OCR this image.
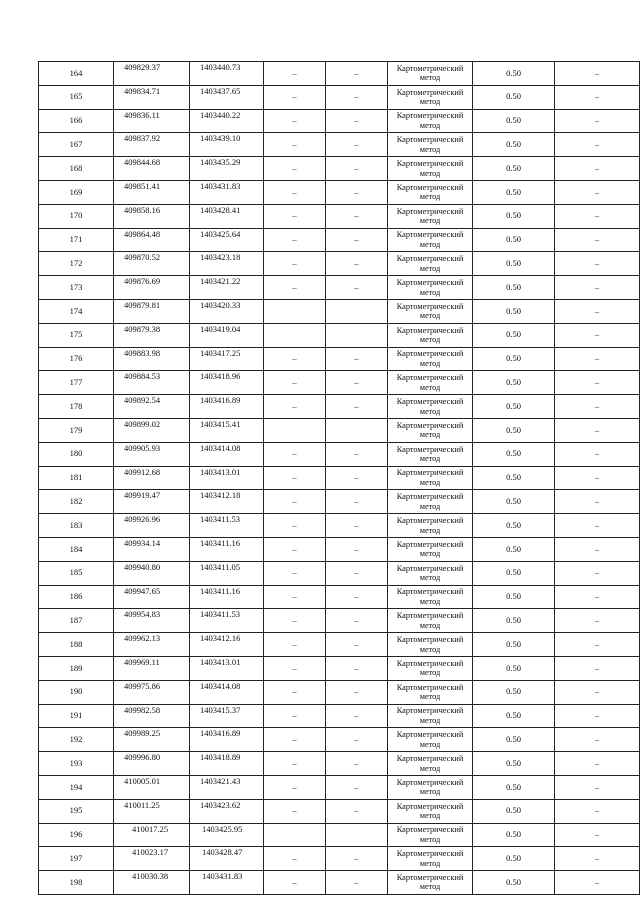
164	409829.37	1403440.73	–	–	Картометрический метод	0.50	–
165	409834.71	1403437.65	–	–	Картометрический метод	0.50	–
166	409836.11	1403440.22	–	–	Картометрический метод	0.50	–
167	409837.92	1403439.10	–	–	Картометрический метод	0.50	–
168	409844.68	1403435.29	–	–	Картометрический метод	0.50	–
169	409851.41	1403431.83	–	–	Картометрический метод	0.50	–
170	409858.16	1403428.41	–	–	Картометрический метод	0.50	–
171	409864.48	1403425.64	–	–	Картометрический метод	0.50	–
172	409870.52	1403423.18	–	–	Картометрический метод	0.50	–
173	409876.69	1403421.22	–	–	Картометрический метод	0.50	–
174	409879.81	1403420.33			Картометрический метод	0.50	–
175	409879.38	1403419.04			Картометрический метод	0.50	–
176	409883.98	1403417.25	–	–	Картометрический метод	0.50	–
177	409884.53	1403418.96	–	–	Картометрический метод	0.50	–
178	409892.54	1403416.89	–	–	Картометрический метод	0.50	–
179	409899.02	1403415.41			Картометрический метод	0.50	–
180	409905.93	1403414.08	–	–	Картометрический метод	0.50	–
181	409912.68	1403413.01	–	–	Картометрический метод	0.50	–
182	409919.47	1403412.18	–	–	Картометрический метод	0.50	–
183	409926.96	1403411.53	–	–	Картометрический метод	0.50	–
184	409934.14	1403411.16	–	–	Картометрический метод	0.50	–
185	409940.80	1403411.05	–	–	Картометрический метод	0.50	–
186	409947.65	1403411.16	–	–	Картометрический метод	0.50	–
187	409954.83	1403411.53	–	–	Картометрический метод	0.50	–
188	409962.13	1403412.16	–	–	Картометрический метод	0.50	–
189	409969.11	1403413.01	–	–	Картометрический метод	0.50	–
190	409975.86	1403414.08	–	–	Картометрический метод	0.50	–
191	409982.58	1403415.37	–	–	Картометрический метод	0.50	–
192	409989.25	1403416.89	–	–	Картометрический метод	0.50	–
193	409996.80	1403418.89	–	–	Картометрический метод	0.50	–
194	410005.01	1403421.43	–	–	Картометрический метод	0.50	–
195	410011.25	1403423.62	–	–	Картометрический метод	0.50	–
196	410017.25	1403425.95			Картометрический метод	0.50	–
197	410023.17	1403428.47	–	–	Картометрический метод	0.50	–
198	410030.38	1403431.83	–	–	Картометрический метод	0.50	–
